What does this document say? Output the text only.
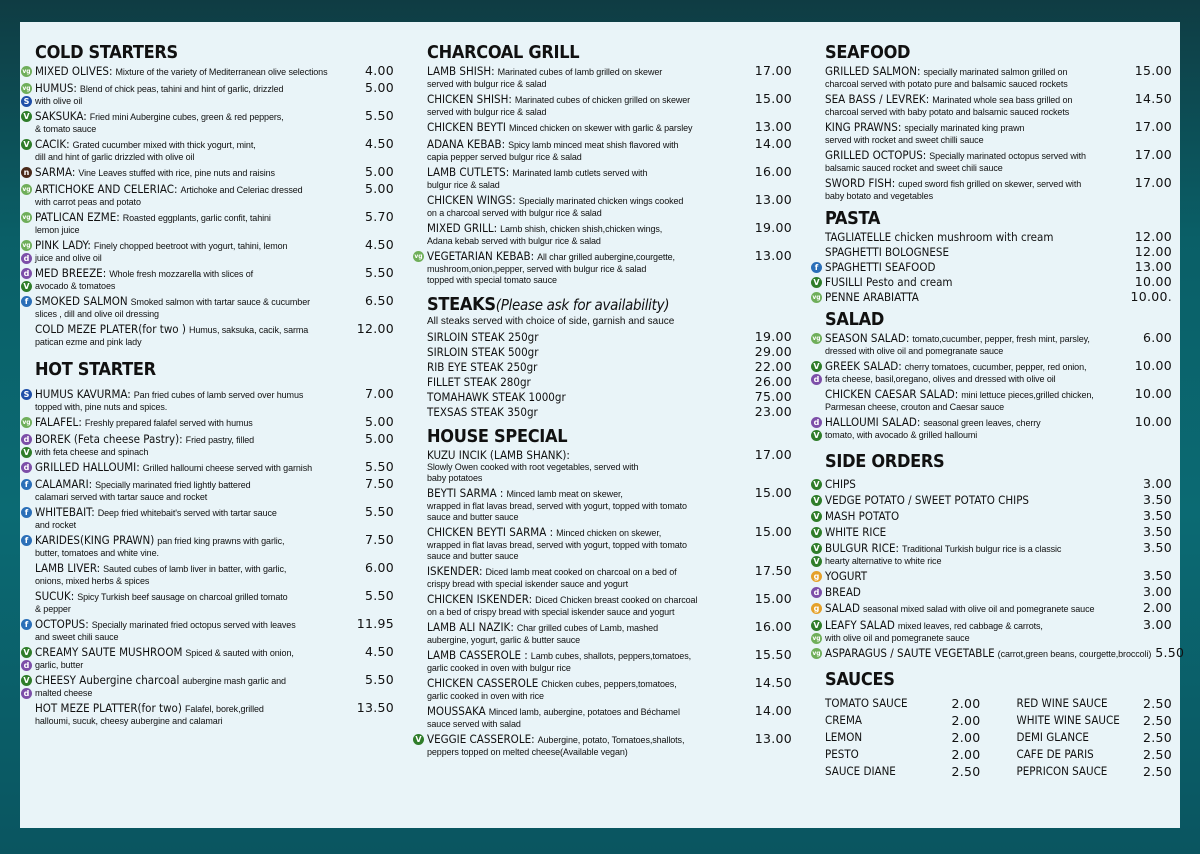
COLD STARTERS
MIXED OLIVES: Mixture of the variety of Mediterranean olive selections	4.00
vg
HUMUS: Blend of chick peas, tahini and hint of garlic, drizzled	5.00
with olive oil
vg
S
SAKSUKA: Fried mini Aubergine cubes, green & red peppers,	5.50
& tomato sauce
V
CACIK: Grated cucumber mixed with thick yogurt, mint,	4.50
dill and hint of garlic drizzled with olive oil
V
SARMA: Vine Leaves stuffed with rice, pine nuts and raisins	5.00
n
ARTICHOKE AND CELERIAC: Artichoke and Celeriac dressed	5.00
with carrot peas and potato
vg
PATLICAN EZME: Roasted eggplants, garlic confit, tahini	5.70
lemon juice
vg
PINK LADY: Finely chopped beetroot with yogurt, tahini, lemon	4.50
juice and olive oil
vg
d
MED BREEZE: Whole fresh mozzarella with slices of	5.50
avocado & tomatoes
d
V
SMOKED SALMON Smoked salmon with tartar sauce & cucumber	6.50
slices , dill and olive oil dressing
f
COLD MEZE PLATER(for two ) Humus, saksuka, cacik, sarma	12.00
patican ezme and pink lady
HOT STARTER
HUMUS KAVURMA: Pan fried cubes of lamb served over humus	7.00
topped with, pine nuts and spices.
S
FALAFEL: Freshly prepared falafel served with humus	5.00
vg
BOREK (Feta cheese Pastry): Fried pastry, filled	5.00
with feta cheese and spinach
d
V
GRILLED HALLOUMI: Grilled halloumi cheese served with garnish	5.50
d
CALAMARI: Specially marinated fried lightly battered	7.50
calamari served with tartar sauce and rocket
f
WHITEBAIT: Deep fried whitebait's served with tartar sauce	5.50
and rocket
f
KARIDES(KING PRAWN) pan fried king prawns with garlic,	7.50
butter, tomatoes and white vine.
f
LAMB LIVER: Sauted cubes of lamb liver in batter, with garlic,	6.00
onions, mixed herbs & spices
SUCUK: Spicy Turkish beef sausage on charcoal grilled tomato	5.50
& pepper
OCTOPUS: Specially marinated fried octopus served with leaves	11.95
and sweet chili sauce
f
CREAMY SAUTE MUSHROOM Spiced & sauted with onion,	4.50
garlic, butter
V
d
CHEESY Aubergine charcoal aubergine mash garlic and	5.50
malted cheese
V
d
HOT MEZE PLATTER(for two) Falafel, borek,grilled	13.50
halloumi, sucuk, cheesy aubergine and calamari
CHARCOAL GRILL
LAMB SHISH: Marinated cubes of lamb grilled on skewer	17.00
served with bulgur rice & salad
CHICKEN SHISH: Marinated cubes of chicken grilled on skewer	15.00
served with bulgur rice & salad
CHICKEN BEYTI Minced chicken on skewer with garlic & parsley	13.00
ADANA KEBAB: Spicy lamb minced meat shish flavored with	14.00
capia pepper served bulgur rice & salad
LAMB CUTLETS: Marinated lamb cutlets served with	16.00
bulgur rice & salad
CHICKEN WINGS: Specially marinated chicken wings cooked	13.00
on a charcoal served with bulgur rice & salad
MIXED GRILL: Lamb shish, chicken shish,chicken wings,	19.00
Adana kebab served with bulgur rice & salad
VEGETARIAN KEBAB: All char grilled aubergine,courgette,	13.00
mushroom,onion,pepper, served with bulgur rice & salad
topped with special tomato sauce
vg
STEAKS(Please ask for availability)

All steaks served with choice of side, garnish and sauce

SIRLOIN STEAK 250gr	19.00
SIRLOIN STEAK 500gr	29.00
RIB EYE STEAK 250gr	22.00
FILLET STEAK 280gr	26.00
TOMAHAWK STEAK 1000gr	75.00
TEXSAS STEAK 350gr	23.00
HOUSE SPECIAL
KUZU INCIK (LAMB SHANK):	17.00
Slowly Owen cooked with root vegetables, served with
baby potatoes
BEYTI SARMA : Minced lamb meat on skewer,	15.00
wrapped in flat lavas bread, served with yogurt, topped with tomato
sauce and butter sauce
CHICKEN BEYTI SARMA : Minced chicken on skewer,	15.00
wrapped in flat lavas bread, served with yogurt, topped with tomato
sauce and butter sauce
ISKENDER: Diced lamb meat cooked on charcoal on a bed of	17.50
crispy bread with special iskender sauce and yogurt
CHICKEN ISKENDER: Diced Chicken breast cooked on charcoal	15.00
on a bed of crispy bread with special iskender sauce and yogurt
LAMB ALI NAZIK: Char grilled cubes of Lamb, mashed	16.00
aubergine, yogurt, garlic & butter sauce
LAMB CASSEROLE : Lamb cubes, shallots, peppers,tomatoes,	15.50
garlic cooked in oven with bulgur rice
CHICKEN CASSEROLE Chicken cubes, peppers,tomatoes,	14.50
garlic cooked in oven with rice
MOUSSAKA Minced lamb, aubergine, potatoes and Béchamel	14.00
sauce served with salad
VEGGIE CASSEROLE: Aubergine, potato, Tomatoes,shallots,	13.00
peppers topped on melted cheese(Available vegan)
V
SEAFOOD
GRILLED SALMON: specially marinated salmon grilled on	15.00
charcoal served with potato pure and balsamic sauced rockets
SEA BASS / LEVREK: Marinated whole sea bass grilled on	14.50
charcoal served with baby potato and balsamic sauced rockets
KING PRAWNS: specially marinated king prawn	17.00
served with rocket and sweet chilli sauce
GRILLED OCTOPUS: Specially marinated octopus served with	17.00
balsamic sauced rocket and sweet chili sauce
SWORD FISH: cuped sword fish grilled on skewer, served with	17.00
baby botato and vegetables
PASTA
TAGLIATELLE chicken mushroom with cream	12.00
SPAGHETTI BOLOGNESE	12.00
SPAGHETTI SEAFOOD	13.00
f
FUSILLI Pesto and cream	10.00
V
PENNE ARABIATTA	10.00.
vg
SALAD
SEASON SALAD: tomato,cucumber, pepper, fresh mint, parsley,	6.00
dressed with olive oil and pomegranate sauce
vg
GREEK SALAD: cherry tomatoes, cucumber, pepper, red onion,	10.00
feta cheese, basil,oregano, olives and dressed with olive oil
V
d
CHICKEN CAESAR SALAD: mini lettuce pieces,grilled chicken,	10.00
Parmesan cheese, crouton and Caesar sauce
HALLOUMI SALAD: seasonal green leaves, cherry	10.00
tomato, with avocado & grilled halloumi
d
V
SIDE ORDERS
CHIPS	3.00
V
VEDGE POTATO / SWEET POTATO CHIPS	3.50
V
MASH POTATO	3.50
V
WHITE RICE	3.50
V
BULGUR RICE: Traditional Turkish bulgur rice is a classic	3.50
hearty alternative to white rice
V
V
YOGURT	3.50
g
BREAD	3.00
d
SALAD seasonal mixed salad with olive oil and pomegranete sauce	2.00
g
LEAFY SALAD mixed leaves, red cabbage & carrots,	3.00
with olive oil and pomegranete sauce
V
vg
ASPARAGUS / SAUTE VEGETABLE (carrot,green beans, courgette,broccoli) 5.50
vg
SAUCES
TOMATO SAUCE	2.00	RED WINE SAUCE	2.50
CREMA	2.00	WHITE WINE SAUCE	2.50
LEMON	2.00	DEMI GLANCE	2.50
PESTO	2.00	CAFE DE PARIS	2.50
SAUCE DIANE	2.50	PEPRICON SAUCE	2.50
